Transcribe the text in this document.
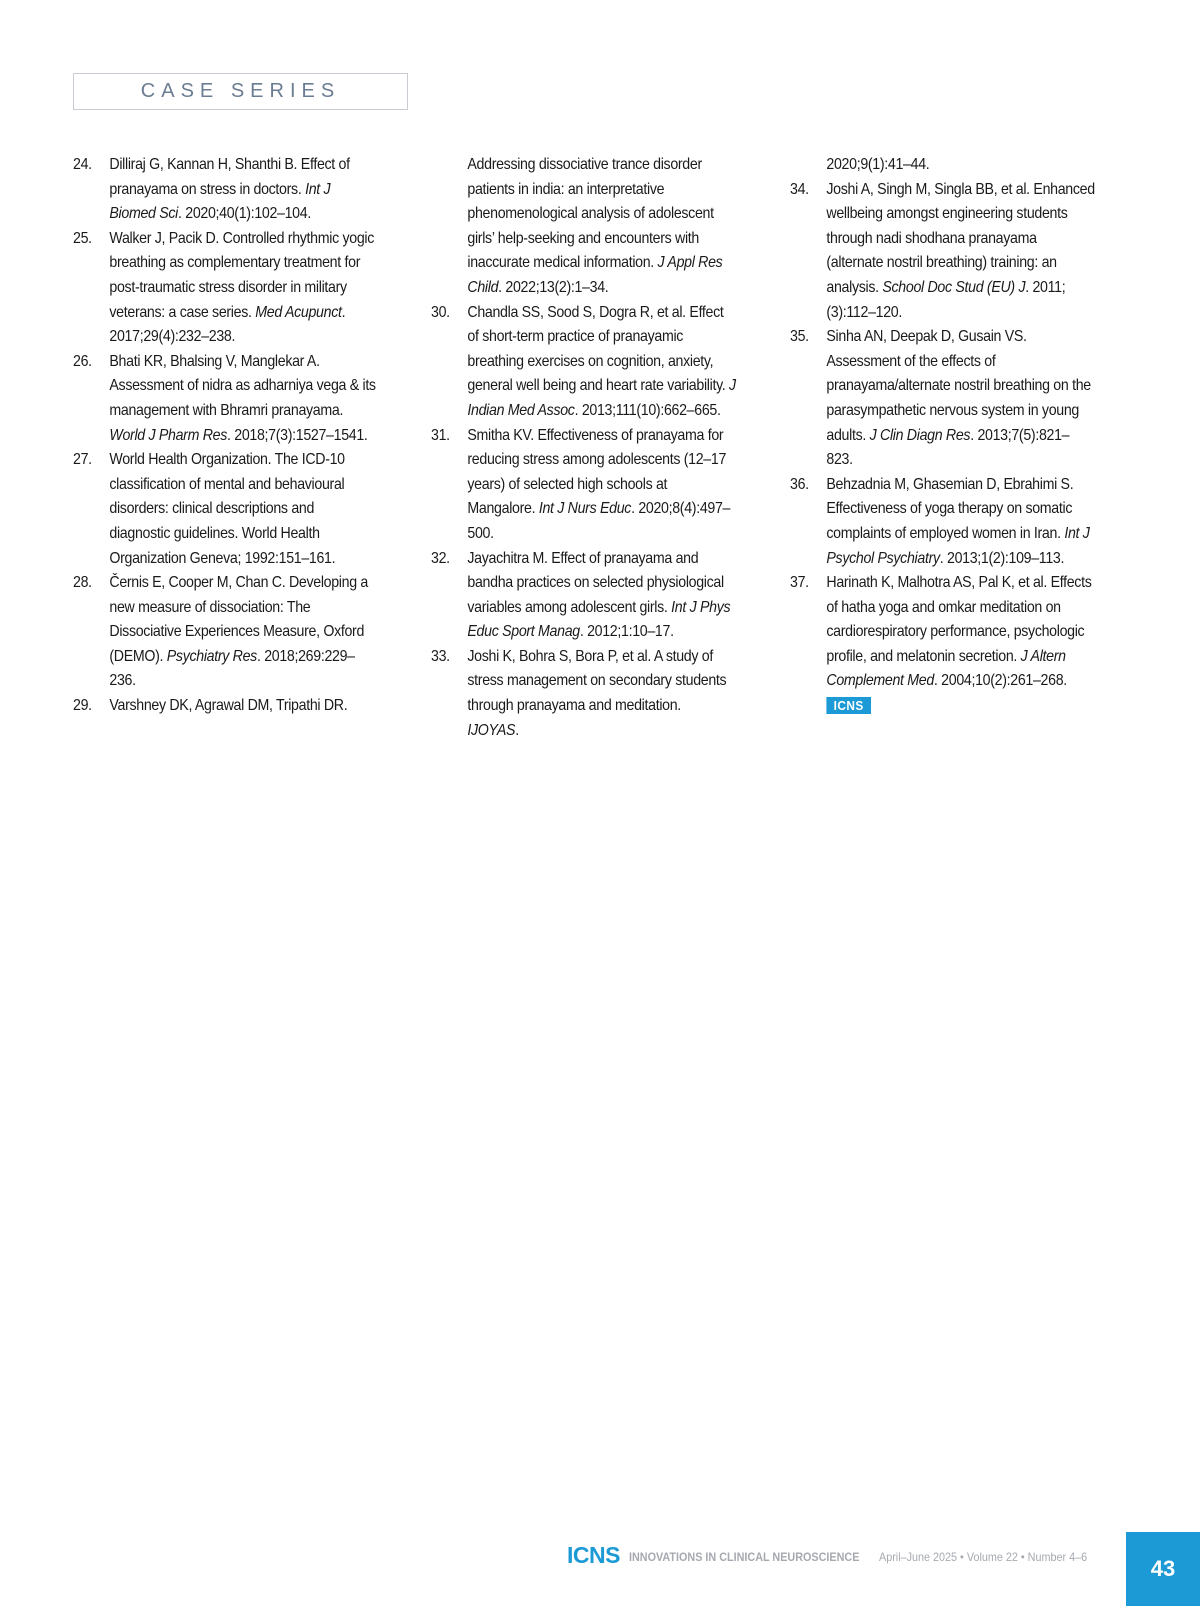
CASE SERIES

24. Dilliraj G, Kannan H, Shanthi B. Effect of pranayama on stress in doctors. Int J Biomed Sci. 2020;40(1):102–104.

25. Walker J, Pacik D. Controlled rhythmic yogic breathing as complementary treatment for post-traumatic stress disorder in military veterans: a case series. Med Acupunct. 2017;29(4):232–238.

26. Bhati KR, Bhalsing V, Manglekar A. Assessment of nidra as adharniya vega & its management with Bhramri pranayama. World J Pharm Res. 2018;7(3):1527–1541.

27. World Health Organization. The ICD-10 classification of mental and behavioural disorders: clinical descriptions and diagnostic guidelines. World Health Organization Geneva; 1992:151–161.

28. Černis E, Cooper M, Chan C. Developing a new measure of dissociation: The Dissociative Experiences Measure, Oxford (DEMO). Psychiatry Res. 2018;269:229–236.

29. Varshney DK, Agrawal DM, Tripathi DR.

Addressing dissociative trance disorder patients in india: an interpretative phenomenological analysis of adolescent girls’ help-seeking and encounters with inaccurate medical information. J Appl Res Child. 2022;13(2):1–34.

30. Chandla SS, Sood S, Dogra R, et al. Effect of short-term practice of pranayamic breathing exercises on cognition, anxiety, general well being and heart rate variability. J Indian Med Assoc. 2013;111(10):662–665.

31. Smitha KV. Effectiveness of pranayama for reducing stress among adolescents (12–17 years) of selected high schools at Mangalore. Int J Nurs Educ. 2020;8(4):497–500.

32. Jayachitra M. Effect of pranayama and bandha practices on selected physiological variables among adolescent girls. Int J Phys Educ Sport Manag. 2012;1:10–17.

33. Joshi K, Bohra S, Bora P, et al. A study of stress management on secondary students through pranayama and meditation. IJOYAS.

2020;9(1):41–44.

34. Joshi A, Singh M, Singla BB, et al. Enhanced wellbeing amongst engineering students through nadi shodhana pranayama (alternate nostril breathing) training: an analysis. School Doc Stud (EU) J. 2011;(3):112–120.

35. Sinha AN, Deepak D, Gusain VS. Assessment of the effects of pranayama/alternate nostril breathing on the parasympathetic nervous system in young adults. J Clin Diagn Res. 2013;7(5):821–823.

36. Behzadnia M, Ghasemian D, Ebrahimi S. Effectiveness of yoga therapy on somatic complaints of employed women in Iran. Int J Psychol Psychiatry. 2013;1(2):109–113.

37. Harinath K, Malhotra AS, Pal K, et al. Effects of hatha yoga and omkar meditation on cardiorespiratory performance, psychologic profile, and melatonin secretion. J Altern Complement Med. 2004;10(2):261–268.

ICNS

ICNS INNOVATIONS IN CLINICAL NEUROSCIENCE April–June 2025 • Volume 22 • Number 4–6	43
